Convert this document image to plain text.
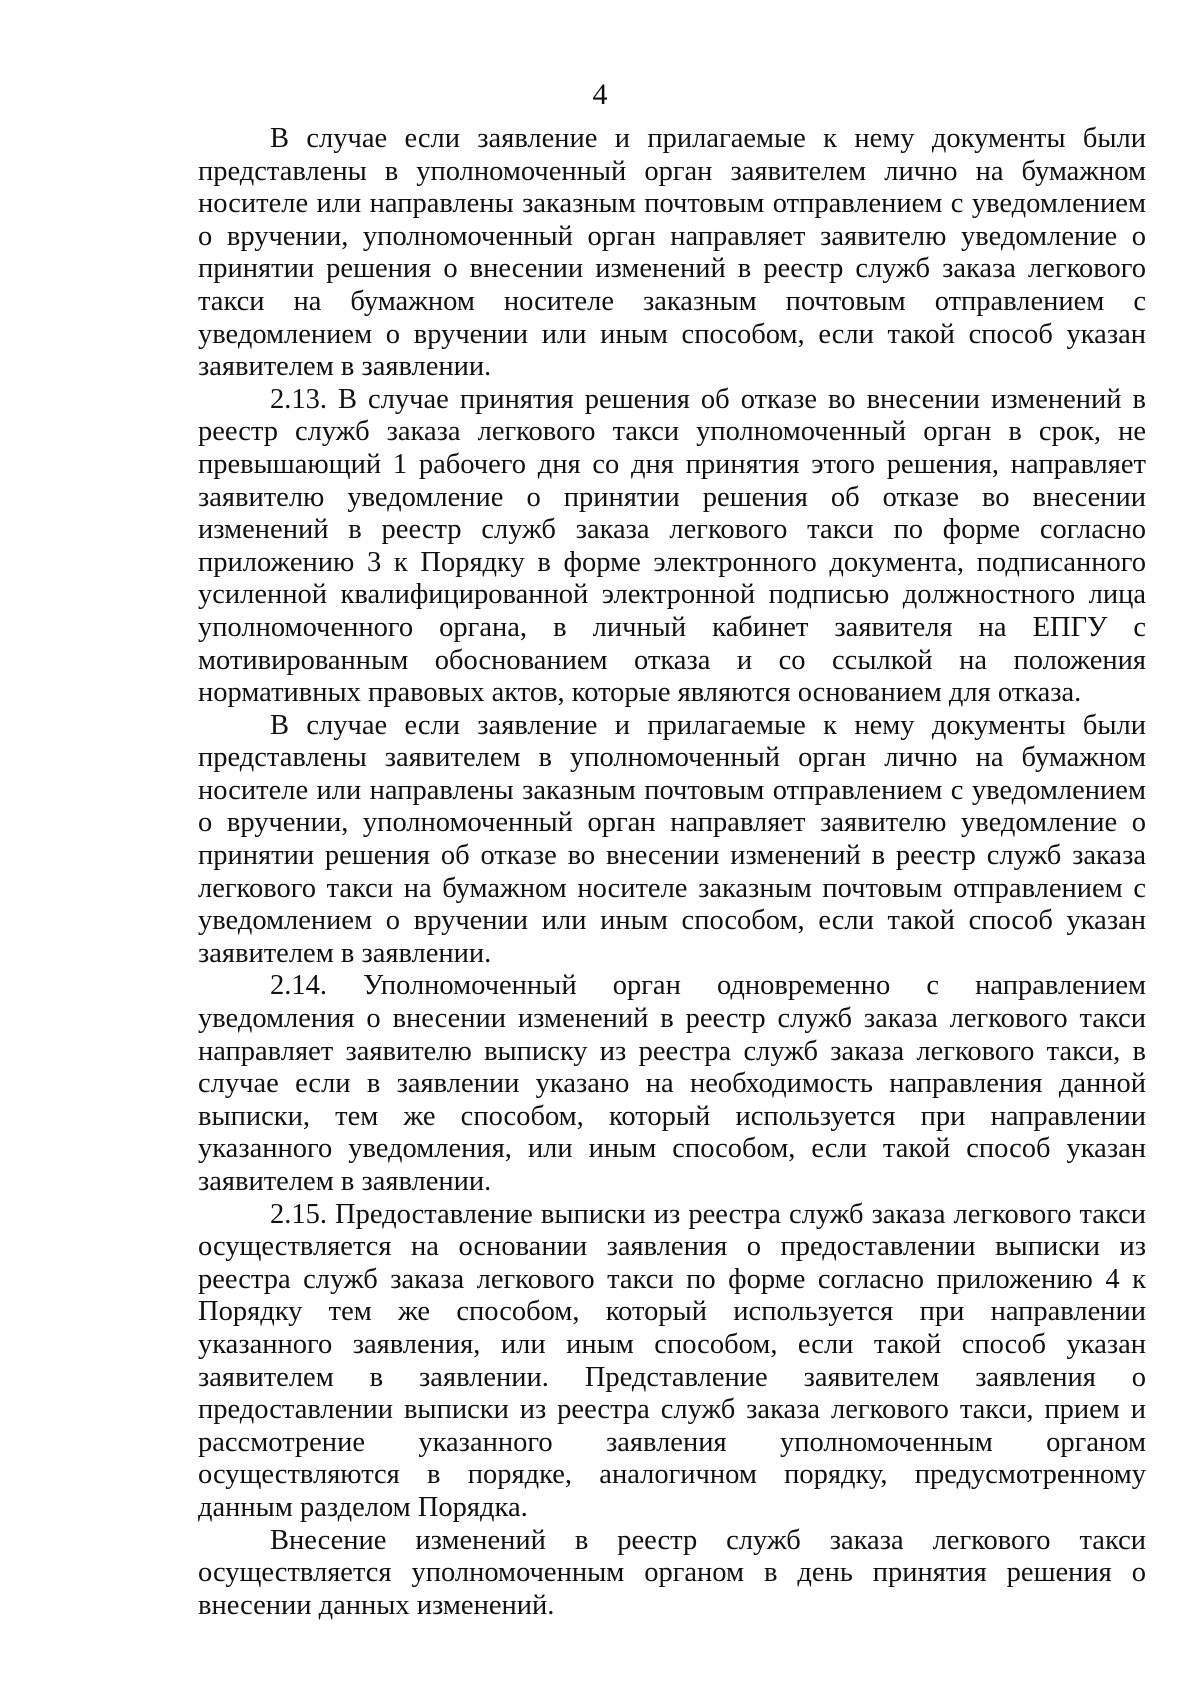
4

В случае если заявление и прилагаемые к нему документы были представлены в уполномоченный орган заявителем лично на бумажном носителе или направлены заказным почтовым отправлением с уведомлением о вручении, уполномоченный орган направляет заявителю уведомление о принятии решения о внесении изменений в реестр служб заказа легкового такси на бумажном носителе заказным почтовым отправлением с уведомлением о вручении или иным способом, если такой способ указан заявителем в заявлении.

2.13. В случае принятия решения об отказе во внесении изменений в реестр служб заказа легкового такси уполномоченный орган в срок, не превышающий 1 рабочего дня со дня принятия этого решения, направляет заявителю уведомление о принятии решения об отказе во внесении изменений в реестр служб заказа легкового такси по форме согласно приложению 3 к Порядку в форме электронного документа, подписанного усиленной квалифицированной электронной подписью должностного лица уполномоченного органа, в личный кабинет заявителя на ЕПГУ с мотивированным обоснованием отказа и со ссылкой на положения нормативных правовых актов, которые являются основанием для отказа.

В случае если заявление и прилагаемые к нему документы были представлены заявителем в уполномоченный орган лично на бумажном носителе или направлены заказным почтовым отправлением с уведомлением о вручении, уполномоченный орган направляет заявителю уведомление о принятии решения об отказе во внесении изменений в реестр служб заказа легкового такси на бумажном носителе заказным почтовым отправлением с уведомлением о вручении или иным способом, если такой способ указан заявителем в заявлении.

2.14. Уполномоченный орган одновременно с направлением уведомления о внесении изменений в реестр служб заказа легкового такси направляет заявителю выписку из реестра служб заказа легкового такси, в случае если в заявлении указано на необходимость направления данной выписки, тем же способом, который используется при направлении указанного уведомления, или иным способом, если такой способ указан заявителем в заявлении.

2.15. Предоставление выписки из реестра служб заказа легкового такси осуществляется на основании заявления о предоставлении выписки из реестра служб заказа легкового такси по форме согласно приложению 4 к Порядку тем же способом, который используется при направлении указанного заявления, или иным способом, если такой способ указан заявителем в заявлении. Представление заявителем заявления о предоставлении выписки из реестра служб заказа легкового такси, прием и рассмотрение указанного заявления уполномоченным органом осуществляются в порядке, аналогичном порядку, предусмотренному данным разделом Порядка.

Внесение изменений в реестр служб заказа легкового такси осуществляется уполномоченным органом в день принятия решения о внесении данных изменений.
